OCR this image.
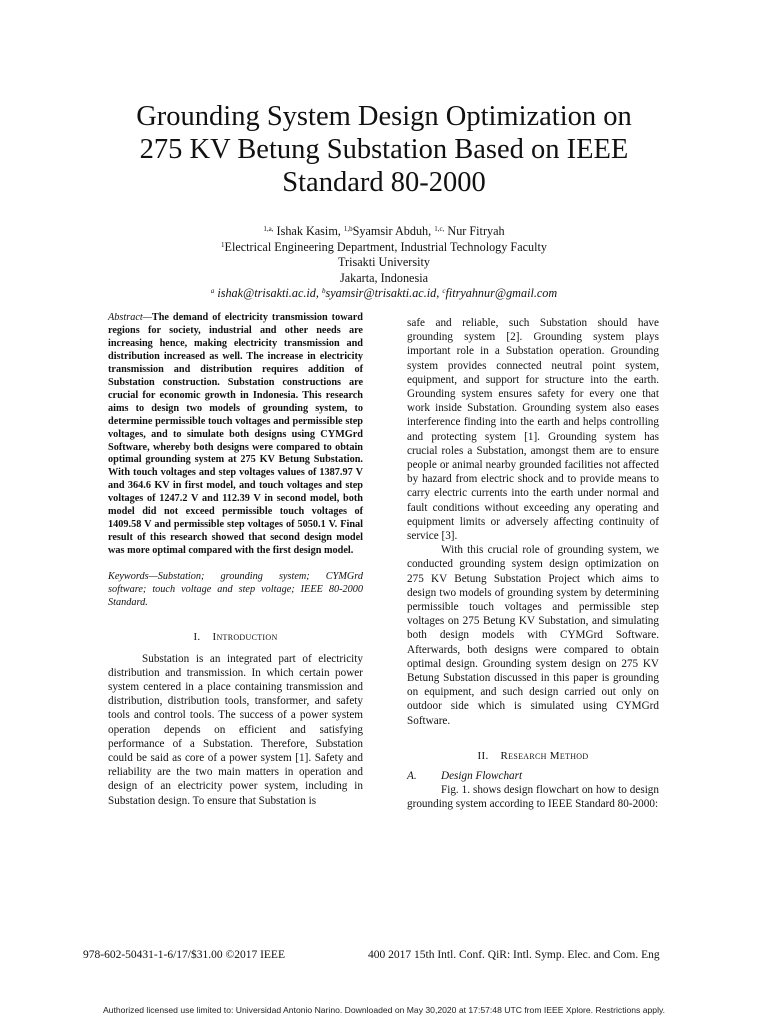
Grounding System Design Optimization on
275 KV Betung Substation Based on IEEE
Standard 80-2000
$^{1,a,}$ Ishak Kasim, $^{1,b}$Syamsir Abduh, $^{1,c,}$ Nur Fitryah
$^1$Electrical Engineering Department, Industrial Technology Faculty
Trisakti University
Jakarta, Indonesia
$^a$ ishak@trisakti.ac.id, $^b$syamsir@trisakti.ac.id, $^c$fitryahnur@gmail.com

Abstract—The demand of electricity transmission toward regions for society, industrial and other needs are increasing hence, making electricity transmission and distribution increased as well. The increase in electricity transmission and distribution requires addition of Substation construction. Substation constructions are crucial for economic growth in Indonesia. This research aims to design two models of grounding system, to determine permissible touch voltages and permissible step voltages, and to simulate both designs using CYMGrd Software, whereby both designs were compared to obtain optimal grounding system at 275 KV Betung Substation. With touch voltages and step voltages values of 1387.97 V and 364.6 KV in first model, and touch voltages and step voltages of 1247.2 V and 112.39 V in second model, both model did not exceed permissible touch voltages of 1409.58 V and permissible step voltages of 5050.1 V. Final result of this research showed that second design model was more optimal compared with the first design model.

Keywords—Substation; grounding system; CYMGrd software; touch voltage and step voltage; IEEE 80-2000 Standard.

I. Introduction

Substation is an integrated part of electricity distribution and transmission. In which certain power system centered in a place containing transmission and distribution, distribution tools, transformer, and safety tools and control tools. The success of a power system operation depends on efficient and satisfying performance of a Substation. Therefore, Substation could be said as core of a power system [1]. Safety and reliability are the two main matters in operation and design of an electricity power system, including in Substation design. To ensure that Substation is

safe and reliable, such Substation should have grounding system [2]. Grounding system plays important role in a Substation operation. Grounding system provides connected neutral point system, equipment, and support for structure into the earth. Grounding system ensures safety for every one that work inside Substation. Grounding system also eases interference finding into the earth and helps controlling and protecting system [1]. Grounding system has crucial roles a Substation, amongst them are to ensure people or animal nearby grounded facilities not affected by hazard from electric shock and to provide means to carry electric currents into the earth under normal and fault conditions without exceeding any operating and equipment limits or adversely affecting continuity of service [3].

With this crucial role of grounding system, we conducted grounding system design optimization on 275 KV Betung Substation Project which aims to design two models of grounding system by determining permissible touch voltages and permissible step voltages on 275 Betung KV Substation, and simulating both design models with CYMGrd Software. Afterwards, both designs were compared to obtain optimal design. Grounding system design on 275 KV Betung Substation discussed in this paper is grounding on equipment, and such design carried out only on outdoor side which is simulated using CYMGrd Software.

II. Research Method
A. Design Flowchart

Fig. 1. shows design flowchart on how to design grounding system according to IEEE Standard 80-2000:

978-602-50431-1-6/17/$31.00 ©2017 IEEE	400 2017 15th Intl. Conf. QiR: Intl. Symp. Elec. and Com. Eng
Authorized licensed use limited to: Universidad Antonio Narino. Downloaded on May 30,2020 at 17:57:48 UTC from IEEE Xplore. Restrictions apply.
